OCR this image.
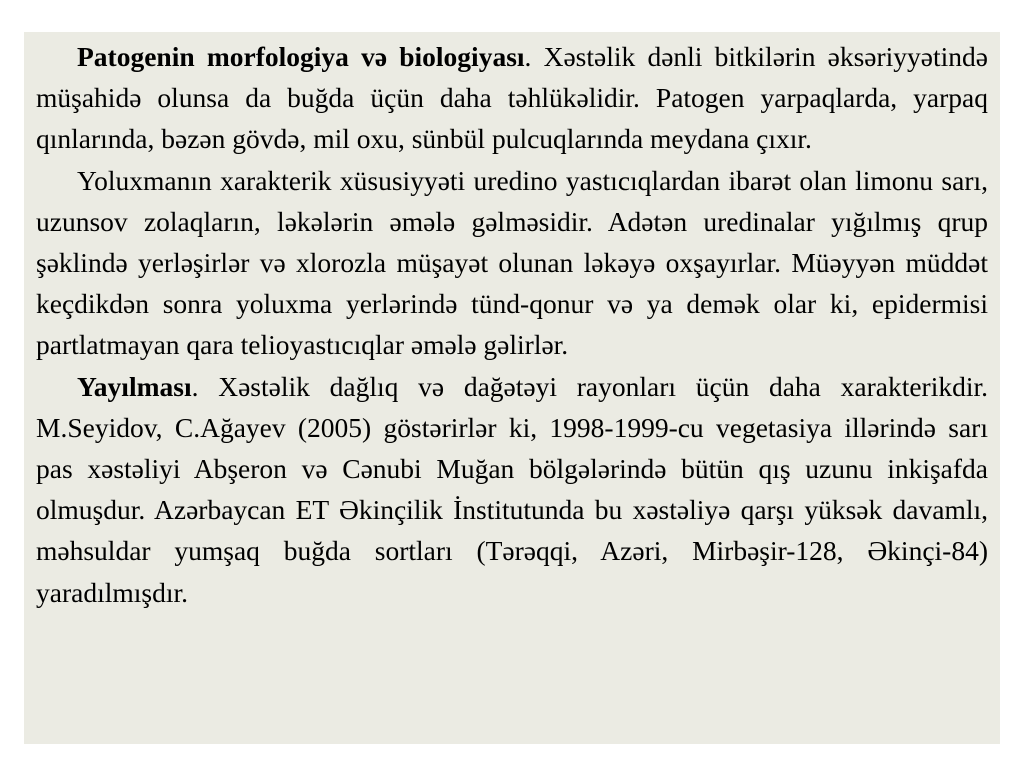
Patogenin morfologiya və biologiyası. Xəstəlik dənli bitkilərin əksəriyyətində müşahidə olunsa da buğda üçün daha təhlükəlidir. Patogen yarpaqlarda, yarpaq qınlarında, bəzən gövdə, mil oxu, sünbül pulcuqlarında meydana çıxır.

Yoluxmanın xarakterik xüsusiyyəti uredino yastıcıqlardan ibarət olan limonu sarı, uzunsov zolaqların, ləkələrin əmələ gəlməsidir. Adətən uredinalar yığılmış qrup şəklində yerləşirlər və xlorozla müşayət olunan ləkəyə oxşayırlar. Müəyyən müddət keçdikdən sonra yoluxma yerlərində tünd-qonur və ya demək olar ki, epidermisi partlatmayan qara telioyastıcıqlar əmələ gəlirlər.

Yayılması. Xəstəlik dağlıq və dağətəyi rayonları üçün daha xarakterikdir. M.Seyidov, C.Ağayev (2005) göstərirlər ki, 1998-1999-cu vegetasiya illərində sarı pas xəstəliyi Abşeron və Cənubi Muğan bölgələrində bütün qış uzunu inkişafda olmuşdur. Azərbaycan ET Əkinçilik İnstitutunda bu xəstəliyə qarşı yüksək davamlı, məhsuldar yumşaq buğda sortları (Tərəqqi, Azəri, Mirbəşir-128, Əkinçi-84) yaradılmışdır.
